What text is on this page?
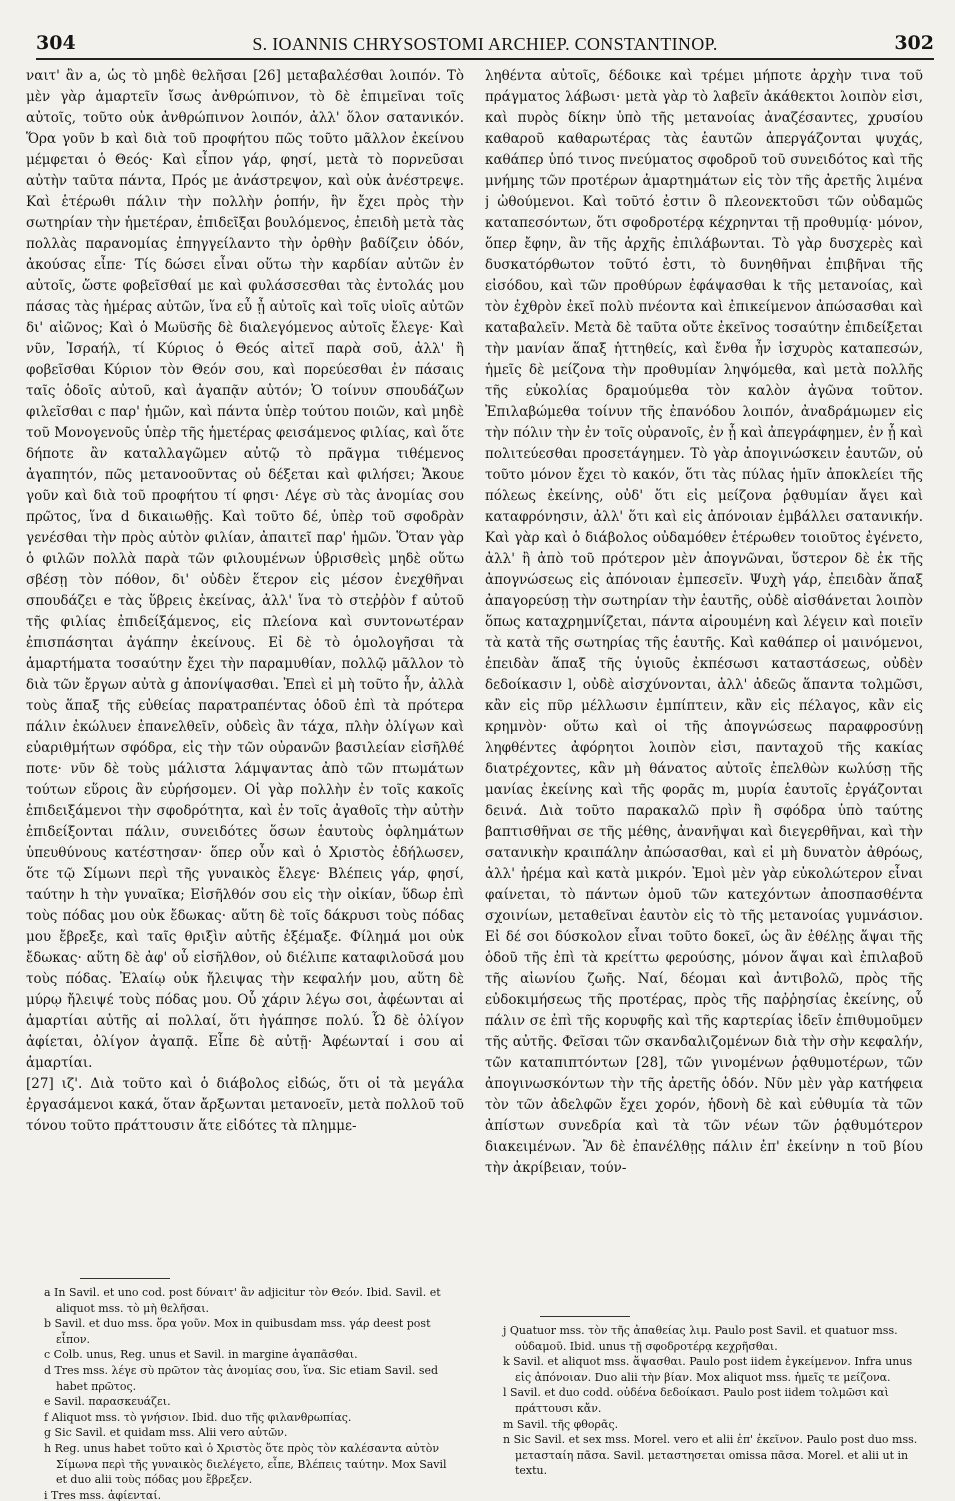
304	S. IOANNIS CHRYSOSTOMI ARCHIEP. CONSTANTINOP.	302

ναιτ' ἂν a, ὡς τὸ μηδὲ θελῆσαι [26] μεταβαλέσθαι λοιπόν. Τὸ μὲν γὰρ ἁμαρτεῖν ἴσως ἀνθρώπινον, τὸ δὲ ἐπιμεῖναι τοῖς αὐτοῖς, τοῦτο οὐκ ἀνθρώπινον λοιπόν, ἀλλ' ὅλον σατανικόν. Ὅρα γοῦν b καὶ διὰ τοῦ προφήτου πῶς τοῦτο μᾶλλον ἐκείνου μέμφεται ὁ Θεός· Καὶ εἶπον γάρ, φησί, μετὰ τὸ πορνεῦσαι αὐτὴν ταῦτα πάντα, Πρός με ἀνάστρεψον, καὶ οὐκ ἀνέστρεψε. Καὶ ἑτέρωθι πάλιν τὴν πολλὴν ῥοπήν, ἣν ἔχει πρὸς τὴν σωτηρίαν τὴν ἡμετέραν, ἐπιδεῖξαι βουλόμενος, ἐπειδὴ μετὰ τὰς πολλὰς παρανομίας ἐπηγγείλαντο τὴν ὀρθὴν βαδίζειν ὁδόν, ἀκούσας εἶπε· Τίς δώσει εἶναι οὕτω τὴν καρδίαν αὐτῶν ἐν αὐτοῖς, ὥστε φοβεῖσθαί με καὶ φυλάσσεσθαι τὰς ἐντολάς μου πάσας τὰς ἡμέρας αὐτῶν, ἵνα εὖ ᾖ αὐτοῖς καὶ τοῖς υἱοῖς αὐτῶν δι' αἰῶνος; Καὶ ὁ Μωϋσῆς δὲ διαλεγόμενος αὐτοῖς ἔλεγε· Καὶ νῦν, Ἰσραήλ, τί Κύριος ὁ Θεός αἰτεῖ παρὰ σοῦ, ἀλλ' ἢ φοβεῖσθαι Κύριον τὸν Θεόν σου, καὶ πορεύεσθαι ἐν πάσαις ταῖς ὁδοῖς αὐτοῦ, καὶ ἀγαπᾷν αὐτόν; Ὁ τοίνυν σπουδάζων φιλεῖσθαι c παρ' ἡμῶν, καὶ πάντα ὑπὲρ τούτου ποιῶν, καὶ μηδὲ τοῦ Μονογενοῦς ὑπὲρ τῆς ἡμετέρας φεισάμενος φιλίας, καὶ ὅτε δήποτε ἂν καταλλαγῶμεν αὐτῷ τὸ πρᾶγμα τιθέμενος ἀγαπητόν, πῶς μετανοοῦντας οὐ δέξεται καὶ φιλήσει; Ἄκουε γοῦν καὶ διὰ τοῦ προφήτου τί φησι· Λέγε σὺ τὰς ἀνομίας σου πρῶτος, ἵνα d δικαιωθῇς. Καὶ τοῦτο δέ, ὑπὲρ τοῦ σφοδρὰν γενέσθαι τὴν πρὸς αὐτὸν φιλίαν, ἀπαιτεῖ παρ' ἡμῶν. Ὅταν γὰρ ὁ φιλῶν πολλὰ παρὰ τῶν φιλουμένων ὑβρισθεὶς μηδὲ οὕτω σβέσῃ τὸν πόθον, δι' οὐδὲν ἕτερον εἰς μέσον ἐνεχθῆναι σπουδάζει e τὰς ὕβρεις ἐκείνας, ἀλλ' ἵνα τὸ στεῤῥὸν f αὐτοῦ τῆς φιλίας ἐπιδείξάμενος, εἰς πλείονα καὶ συντονωτέραν ἐπισπάσηται ἀγάπην ἐκείνους. Εἰ δὲ τὸ ὁμολογῆσαι τὰ ἁμαρτήματα τοσαύτην ἔχει τὴν παραμυθίαν, πολλῷ μᾶλλον τὸ διὰ τῶν ἔργων αὐτὰ g ἀπονίψασθαι. Ἐπεὶ εἰ μὴ τοῦτο ἦν, ἀλλὰ τοὺς ἅπαξ τῆς εὐθείας παρατραπέντας ὁδοῦ ἐπὶ τὰ πρότερα πάλιν ἐκώλυεν ἐπανελθεῖν, οὐδεὶς ἂν τάχα, πλὴν ὀλίγων καὶ εὐαριθμήτων σφόδρα, εἰς τὴν τῶν οὐρανῶν βασιλείαν εἰσῆλθέ ποτε· νῦν δὲ τοὺς μάλιστα λάμψαντας ἀπὸ τῶν πτωμάτων τούτων εὕροις ἂν εὑρήσομεν. Οἱ γὰρ πολλὴν ἐν τοῖς κακοῖς ἐπιδειξάμενοι τὴν σφοδρότητα, καὶ ἐν τοῖς ἀγαθοῖς τὴν αὐτὴν ἐπιδείξονται πάλιν, συνειδότες ὅσων ἑαυτοὺς ὀφλημάτων ὑπευθύνους κατέστησαν· ὅπερ οὖν καὶ ὁ Χριστὸς ἐδήλωσεν, ὅτε τῷ Σίμωνι περὶ τῆς γυναικὸς ἔλεγε· Βλέπεις γάρ, φησί, ταύτην h τὴν γυναῖκα; Εἰσῆλθόν σου εἰς τὴν οἰκίαν, ὕδωρ ἐπὶ τοὺς πόδας μου οὐκ ἔδωκας· αὕτη δὲ τοῖς δάκρυσι τοὺς πόδας μου ἔβρεξε, καὶ ταῖς θριξὶν αὐτῆς ἐξέμαξε. Φίλημά μοι οὐκ ἔδωκας· αὕτη δὲ ἀφ' οὗ εἰσῆλθον, οὐ διέλιπε καταφιλοῦσά μου τοὺς πόδας. Ἐλαίῳ οὐκ ἤλειψας τὴν κεφαλήν μου, αὕτη δὲ μύρῳ ἤλειψέ τοὺς πόδας μου. Οὗ χάριν λέγω σοι, ἀφέωνται αἱ ἁμαρτίαι αὐτῆς αἱ πολλαί, ὅτι ἠγάπησε πολύ. Ὧ δὲ ὀλίγον ἀφίεται, ὀλίγον ἀγαπᾷ. Εἶπε δὲ αὐτῇ· Ἀφέωνταί i σου αἱ ἁμαρτίαι.

[27] ιζ'. Διὰ τοῦτο καὶ ὁ διάβολος εἰδώς, ὅτι οἱ τὰ μεγάλα ἐργασάμενοι κακά, ὅταν ἄρξωνται μετανοεῖν, μετὰ πολλοῦ τοῦ τόνου τοῦτο πράττουσιν ἅτε εἰδότες τὰ πλημμε-

ληθέντα αὐτοῖς, δέδοικε καὶ τρέμει μήποτε ἀρχὴν τινα τοῦ πράγματος λάβωσι· μετὰ γὰρ τὸ λαβεῖν ἀκάθεκτοι λοιπὸν εἰσι, καὶ πυρὸς δίκην ὑπὸ τῆς μετανοίας ἀναζέσαντες, χρυσίου καθαροῦ καθαρωτέρας τὰς ἑαυτῶν ἀπεργάζονται ψυχάς, καθάπερ ὑπό τινος πνεύματος σφοδροῦ τοῦ συνειδότος καὶ τῆς μνήμης τῶν προτέρων ἁμαρτημάτων εἰς τὸν τῆς ἀρετῆς λιμένα j ὠθούμενοι. Καὶ τοῦτό ἐστιν ὃ πλεονεκτοῦσι τῶν οὐδαμῶς καταπεσόντων, ὅτι σφοδροτέρᾳ κέχρηνται τῇ προθυμίᾳ· μόνον, ὅπερ ἔφην, ἂν τῆς ἀρχῆς ἐπιλάβωνται. Τὸ γὰρ δυσχερὲς καὶ δυσκατόρθωτον τοῦτό ἐστι, τὸ δυνηθῆναι ἐπιβῆναι τῆς εἰσόδου, καὶ τῶν προθύρων ἐφάψασθαι k τῆς μετανοίας, καὶ τὸν ἐχθρὸν ἐκεῖ πολὺ πνέοντα καὶ ἐπικείμενον ἀπώσασθαι καὶ καταβαλεῖν. Μετὰ δὲ ταῦτα οὔτε ἐκεῖνος τοσαύτην ἐπιδείξεται τὴν μανίαν ἅπαξ ἡττηθείς, καὶ ἔνθα ἦν ἰσχυρὸς καταπεσών, ἡμεῖς δὲ μείζονα τὴν προθυμίαν ληψόμεθα, καὶ μετὰ πολλῆς τῆς εὐκολίας δραμούμεθα τὸν καλὸν ἀγῶνα τοῦτον. Ἐπιλαβώμεθα τοίνυν τῆς ἐπανόδου λοιπόν, ἀναδράμωμεν εἰς τὴν πόλιν τὴν ἐν τοῖς οὐρανοῖς, ἐν ᾗ καὶ ἀπεγράφημεν, ἐν ᾗ καὶ πολιτεύεσθαι προσετάγημεν. Τὸ γὰρ ἀπογινώσκειν ἑαυτῶν, οὐ τοῦτο μόνον ἔχει τὸ κακόν, ὅτι τὰς πύλας ἡμῖν ἀποκλείει τῆς πόλεως ἐκείνης, οὐδ' ὅτι εἰς μείζονα ῥᾳθυμίαν ἄγει καὶ καταφρόνησιν, ἀλλ' ὅτι καὶ εἰς ἀπόνοιαν ἐμβάλλει σατανικήν. Καὶ γὰρ καὶ ὁ διάβολος οὐδαμόθεν ἑτέρωθεν τοιοῦτος ἐγένετο, ἀλλ' ἢ ἀπὸ τοῦ πρότερον μὲν ἀπογνῶναι, ὕστερον δὲ ἐκ τῆς ἀπογνώσεως εἰς ἀπόνοιαν ἐμπεσεῖν. Ψυχὴ γάρ, ἐπειδὰν ἅπαξ ἀπαγορεύσῃ τὴν σωτηρίαν τὴν ἑαυτῆς, οὐδὲ αἰσθάνεται λοιπὸν ὅπως καταχρημνίζεται, πάντα αἱρουμένη καὶ λέγειν καὶ ποιεῖν τὰ κατὰ τῆς σωτηρίας τῆς ἑαυτῆς. Καὶ καθάπερ οἱ μαινόμενοι, ἐπειδὰν ἅπαξ τῆς ὑγιοῦς ἐκπέσωσι καταστάσεως, οὐδὲν δεδοίκασιν l, οὐδὲ αἰσχύνονται, ἀλλ' ἀδεῶς ἅπαντα τολμῶσι, κἂν εἰς πῦρ μέλλωσιν ἐμπίπτειν, κἂν εἰς πέλαγος, κἂν εἰς κρημνὸν· οὕτω καὶ οἱ τῆς ἀπογνώσεως παραφροσύνῃ ληφθέντες ἀφόρητοι λοιπὸν εἰσι, πανταχοῦ τῆς κακίας διατρέχοντες, κἂν μὴ θάνατος αὐτοῖς ἐπελθὼν κωλύσῃ τῆς μανίας ἐκείνης καὶ τῆς φορᾶς m, μυρία ἑαυτοῖς ἐργάζονται δεινά. Διὰ τοῦτο παρακαλῶ πρὶν ἢ σφόδρα ὑπὸ ταύτης βαπτισθῆναι σε τῆς μέθης, ἀνανῆψαι καὶ διεγερθῆναι, καὶ τὴν σατανικὴν κραιπάλην ἀπώσασθαι, καὶ εἰ μὴ δυνατὸν ἀθρόως, ἀλλ' ἠρέμα καὶ κατὰ μικρόν. Ἐμοὶ μὲν γὰρ εὐκολώτερον εἶναι φαίνεται, τὸ πάντων ὁμοῦ τῶν κατεχόντων ἀποσπασθέντα σχοινίων, μεταθεῖναι ἑαυτὸν εἰς τὸ τῆς μετανοίας γυμνάσιον. Εἰ δέ σοι δύσκολον εἶναι τοῦτο δοκεῖ, ὡς ἂν ἐθέλῃς ἅψαι τῆς ὁδοῦ τῆς ἐπὶ τὰ κρείττω φερούσης, μόνον ἅψαι καὶ ἐπιλαβοῦ τῆς αἰωνίου ζωῆς. Ναί, δέομαι καὶ ἀντιβολῶ, πρὸς τῆς εὐδοκιμήσεως τῆς προτέρας, πρὸς τῆς παῤῥησίας ἐκείνης, οὗ πάλιν σε ἐπὶ τῆς κορυφῆς καὶ τῆς καρτερίας ἰδεῖν ἐπιθυμοῦμεν τῆς αὐτῆς. Φεῖσαι τῶν σκανδαλιζομένων διὰ τὴν σὴν κεφαλήν, τῶν καταπιπτόντων [28], τῶν γινομένων ῥᾳθυμοτέρων, τῶν ἀπογινωσκόντων τὴν τῆς ἀρετῆς ὁδόν. Νῦν μὲν γὰρ κατήφεια τὸν τῶν ἀδελφῶν ἔχει χορόν, ἡδονὴ δὲ καὶ εὐθυμία τὰ τῶν ἀπίστων συνεδρία καὶ τὰ τῶν νέων τῶν ῥᾳθυμότερον διακειμένων. Ἂν δὲ ἐπανέλθῃς πάλιν ἐπ' ἐκείνην n τοῦ βίου τὴν ἀκρίβειαν, τούν-

a In Savil. et uno cod. post δύναιτ' ἂν adjicitur τὸν Θεόν. Ibid. Savil. et aliquot mss. τὸ μὴ θελῆσαι.
b Savil. et duo mss. ὅρα γοῦν. Mox in quibusdam mss. γάρ deest post εἶπον.
c Colb. unus, Reg. unus et Savil. in margine ἀγαπᾶσθαι.
d Tres mss. λέγε σὺ πρῶτον τὰς ἀνομίας σου, ἵνα. Sic etiam Savil. sed habet πρῶτος.
e Savil. παρασκευάζει.
f Aliquot mss. τὸ γνήσιον. Ibid. duo τῆς φιλανθρωπίας.
g Sic Savil. et quidam mss. Alii vero αὐτῶν.
h Reg. unus habet τοῦτο καὶ ὁ Χριστὸς ὅτε πρὸς τὸν καλέσαντα αὐτὸν Σίμωνα περὶ τῆς γυναικὸς διελέγετο, εἶπε, Βλέπεις ταύτην. Mox Savil et duo alii τοὺς πόδας μου ἔβρεξεν.
i Tres mss. ἀφίενταί.
j Quatuor mss. τὸν τῆς ἀπαθείας λιμ. Paulo post Savil. et quatuor mss. οὐδαμοῦ. Ibid. unus τῇ σφοδροτέρᾳ κεχρῆσθαι.
k Savil. et aliquot mss. ἅψασθαι. Paulo post iidem ἐγκείμενον. Infra unus εἰς ἀπόνοιαν. Duo alii τὴν βίαν. Mox aliquot mss. ἡμεῖς τε μείζονα.
l Savil. et duo codd. οὐδένα δεδοίκασι. Paulo post iidem τολμῶσι καὶ πράττουσι κἄν.
m Savil. τῆς φθορᾶς.
n Sic Savil. et sex mss. Morel. vero et alii ἐπ' ἐκεῖνον. Paulo post duo mss. μετασταίη πᾶσα. Savil. μεταστησεται omissa πᾶσα. Morel. et alii ut in textu.
